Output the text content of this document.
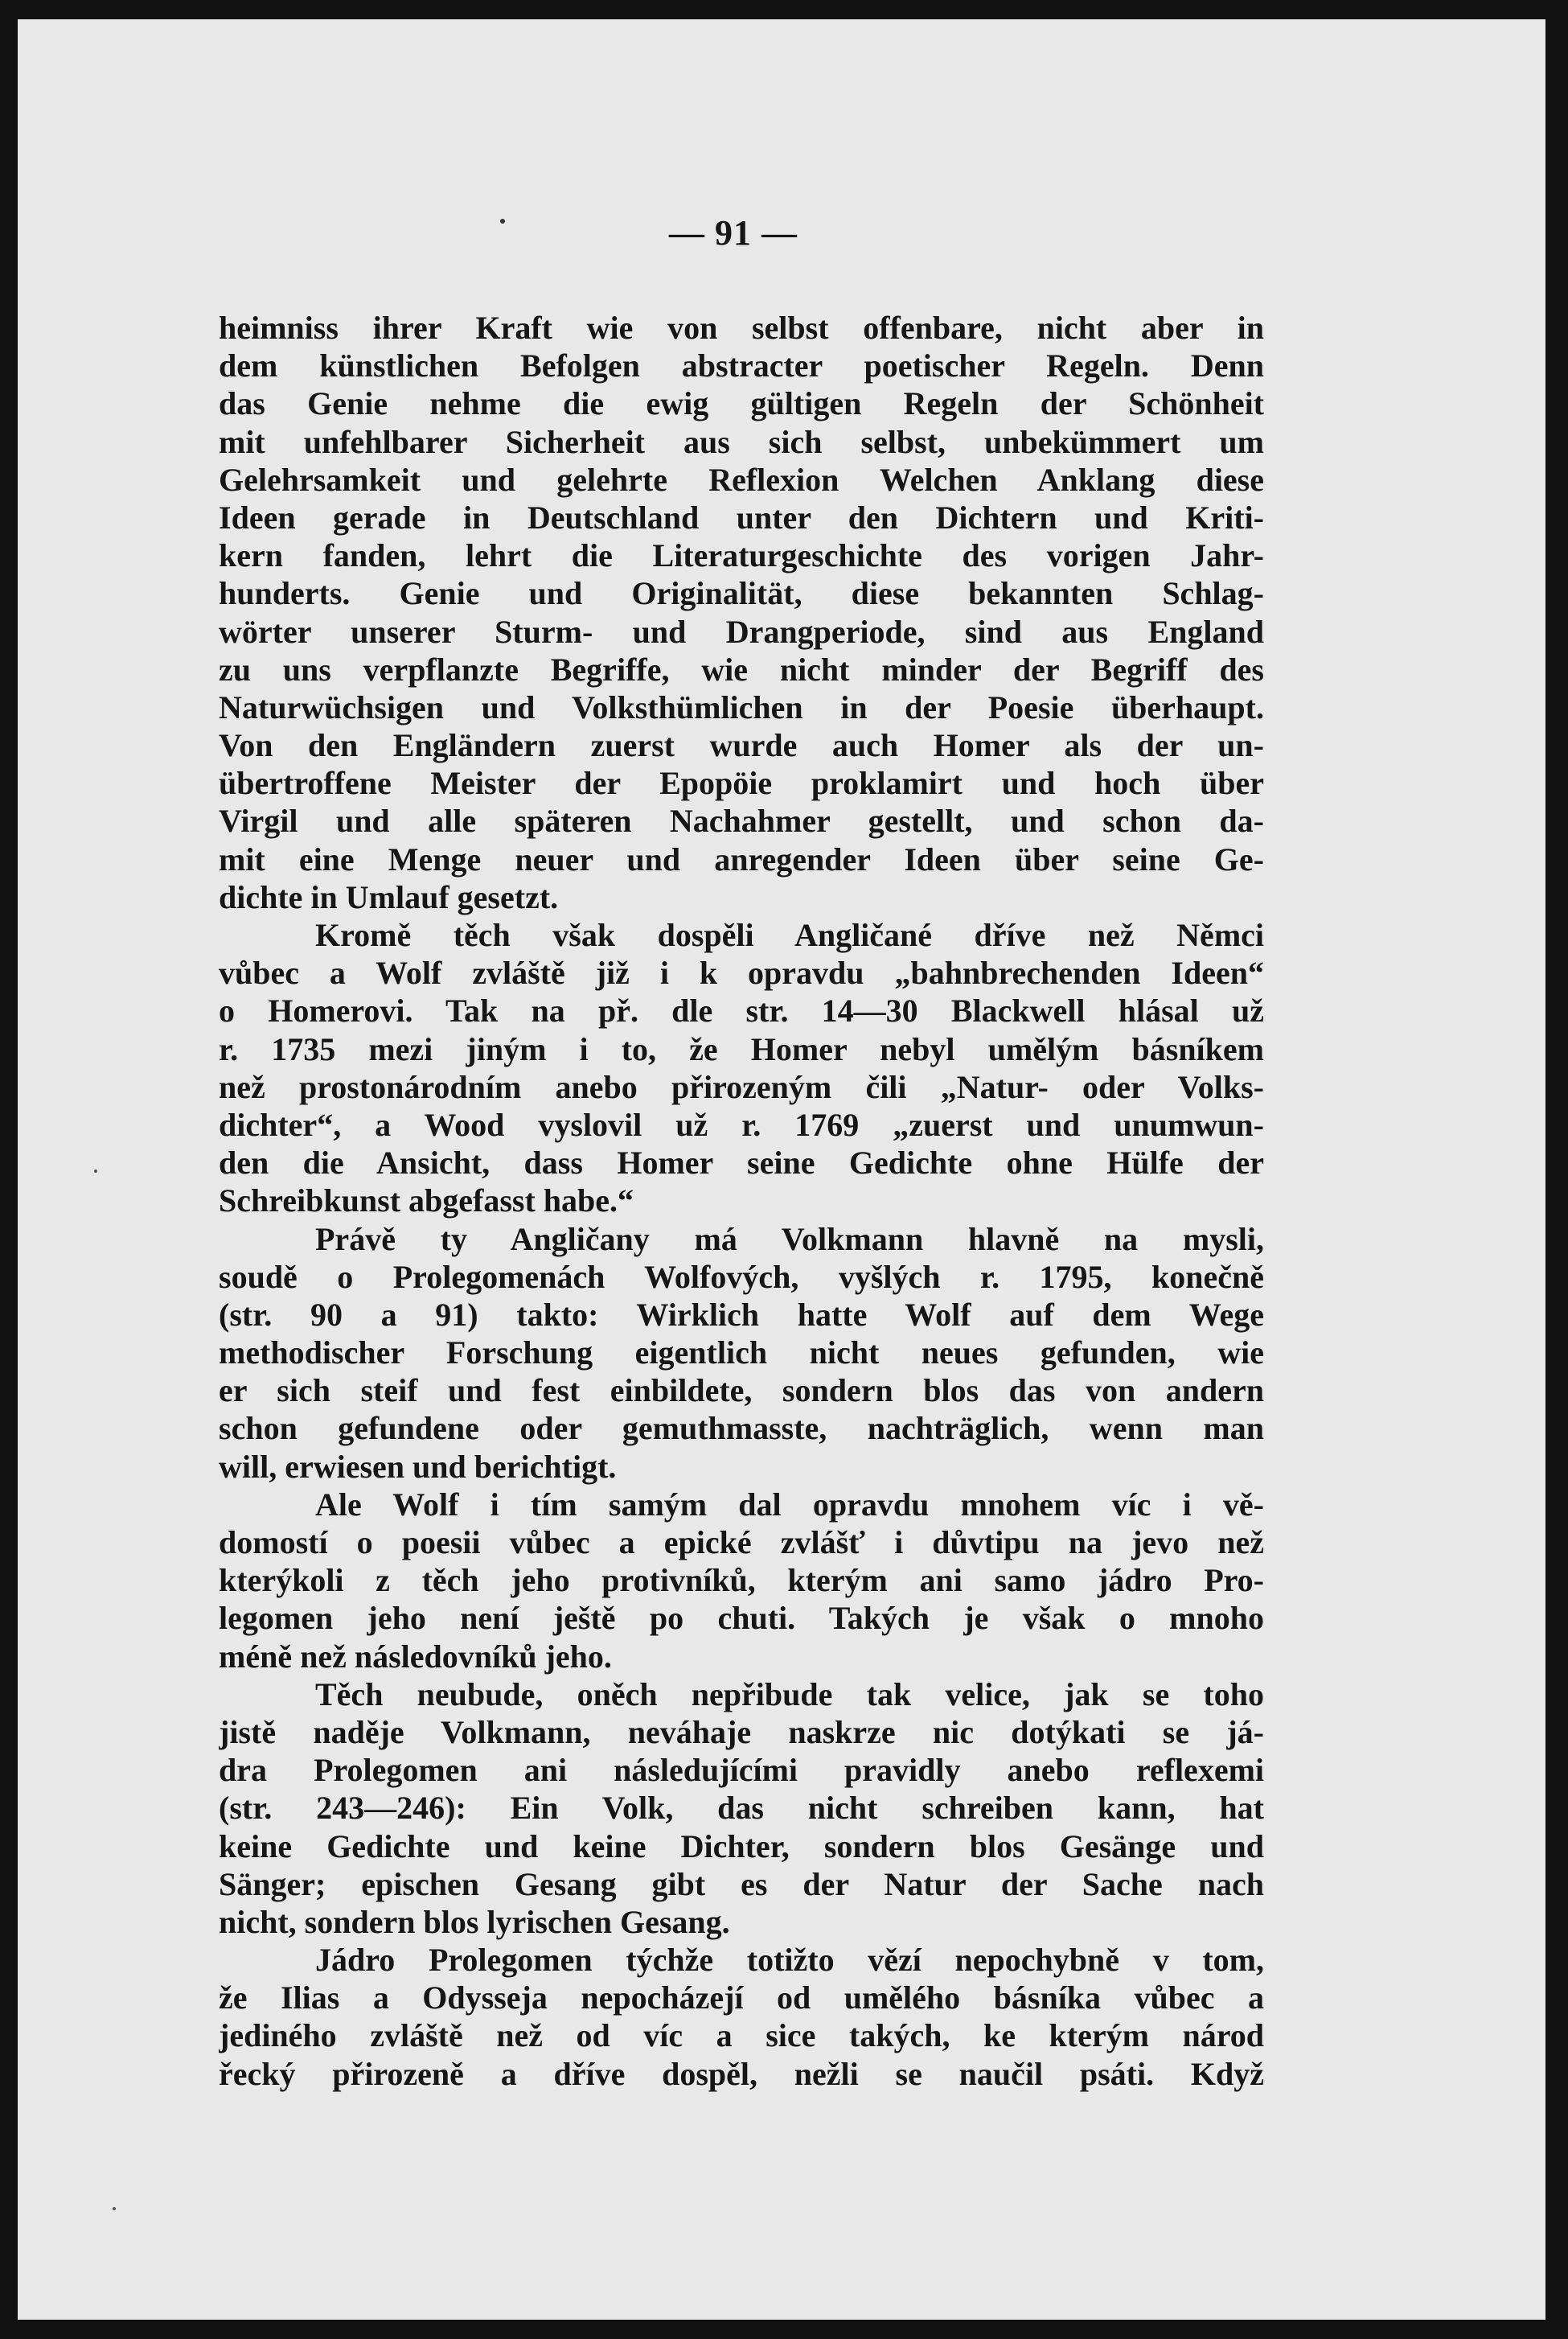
— 91 —
heimniss ihrer Kraft wie von selbst offenbare, nicht aber in
dem künstlichen Befolgen abstracter poetischer Regeln. Denn
das Genie nehme die ewig gültigen Regeln der Schönheit
mit unfehlbarer Sicherheit aus sich selbst, unbekümmert um
Gelehrsamkeit und gelehrte Reflexion Welchen Anklang diese
Ideen gerade in Deutschland unter den Dichtern und Kriti-
kern fanden, lehrt die Literaturgeschichte des vorigen Jahr-
hunderts. Genie und Originalität, diese bekannten Schlag-
wörter unserer Sturm- und Drangperiode, sind aus England
zu uns verpflanzte Begriffe, wie nicht minder der Begriff des
Naturwüchsigen und Volksthümlichen in der Poesie überhaupt.
Von den Engländern zuerst wurde auch Homer als der un-
übertroffene Meister der Epopöie proklamirt und hoch über
Virgil und alle späteren Nachahmer gestellt, und schon da-
mit eine Menge neuer und anregender Ideen über seine Ge-
dichte in Umlauf gesetzt.
Kromě těch však dospěli Angličané dříve než Němci
vůbec a Wolf zvláště již i k opravdu „bahnbrechenden Ideen“
o Homerovi. Tak na př. dle str. 14—30 Blackwell hlásal už
r. 1735 mezi jiným i to, že Homer nebyl umělým básníkem
než prostonárodním anebo přirozeným čili „Natur- oder Volks-
dichter“, a Wood vyslovil už r. 1769 „zuerst und unumwun-
den die Ansicht, dass Homer seine Gedichte ohne Hülfe der
Schreibkunst abgefasst habe.“
Právě ty Angličany má Volkmann hlavně na mysli,
soudě o Prolegomenách Wolfových, vyšlých r. 1795, konečně
(str. 90 a 91) takto: Wirklich hatte Wolf auf dem Wege
methodischer Forschung eigentlich nicht neues gefunden, wie
er sich steif und fest einbildete, sondern blos das von andern
schon gefundene oder gemuthmasste, nachträglich, wenn man
will, erwiesen und berichtigt.
Ale Wolf i tím samým dal opravdu mnohem víc i vě-
domostí o poesii vůbec a epické zvlášť i důvtipu na jevo než
kterýkoli z těch jeho protivníků, kterým ani samo jádro Pro-
legomen jeho není ještě po chuti. Takých je však o mnoho
méně než následovníků jeho.
Těch neubude, oněch nepřibude tak velice, jak se toho
jistě naděje Volkmann, neváhaje naskrze nic dotýkati se já-
dra Prolegomen ani následujícími pravidly anebo reflexemi
(str. 243—246): Ein Volk, das nicht schreiben kann, hat
keine Gedichte und keine Dichter, sondern blos Gesänge und
Sänger; epischen Gesang gibt es der Natur der Sache nach
nicht, sondern blos lyrischen Gesang.
Jádro Prolegomen týchže totižto vězí nepochybně v tom,
že Ilias a Odysseja nepocházejí od umělého básníka vůbec a
jediného zvláště než od víc a sice takých, ke kterým národ
řecký přirozeně a dříve dospěl, nežli se naučil psáti. Když
